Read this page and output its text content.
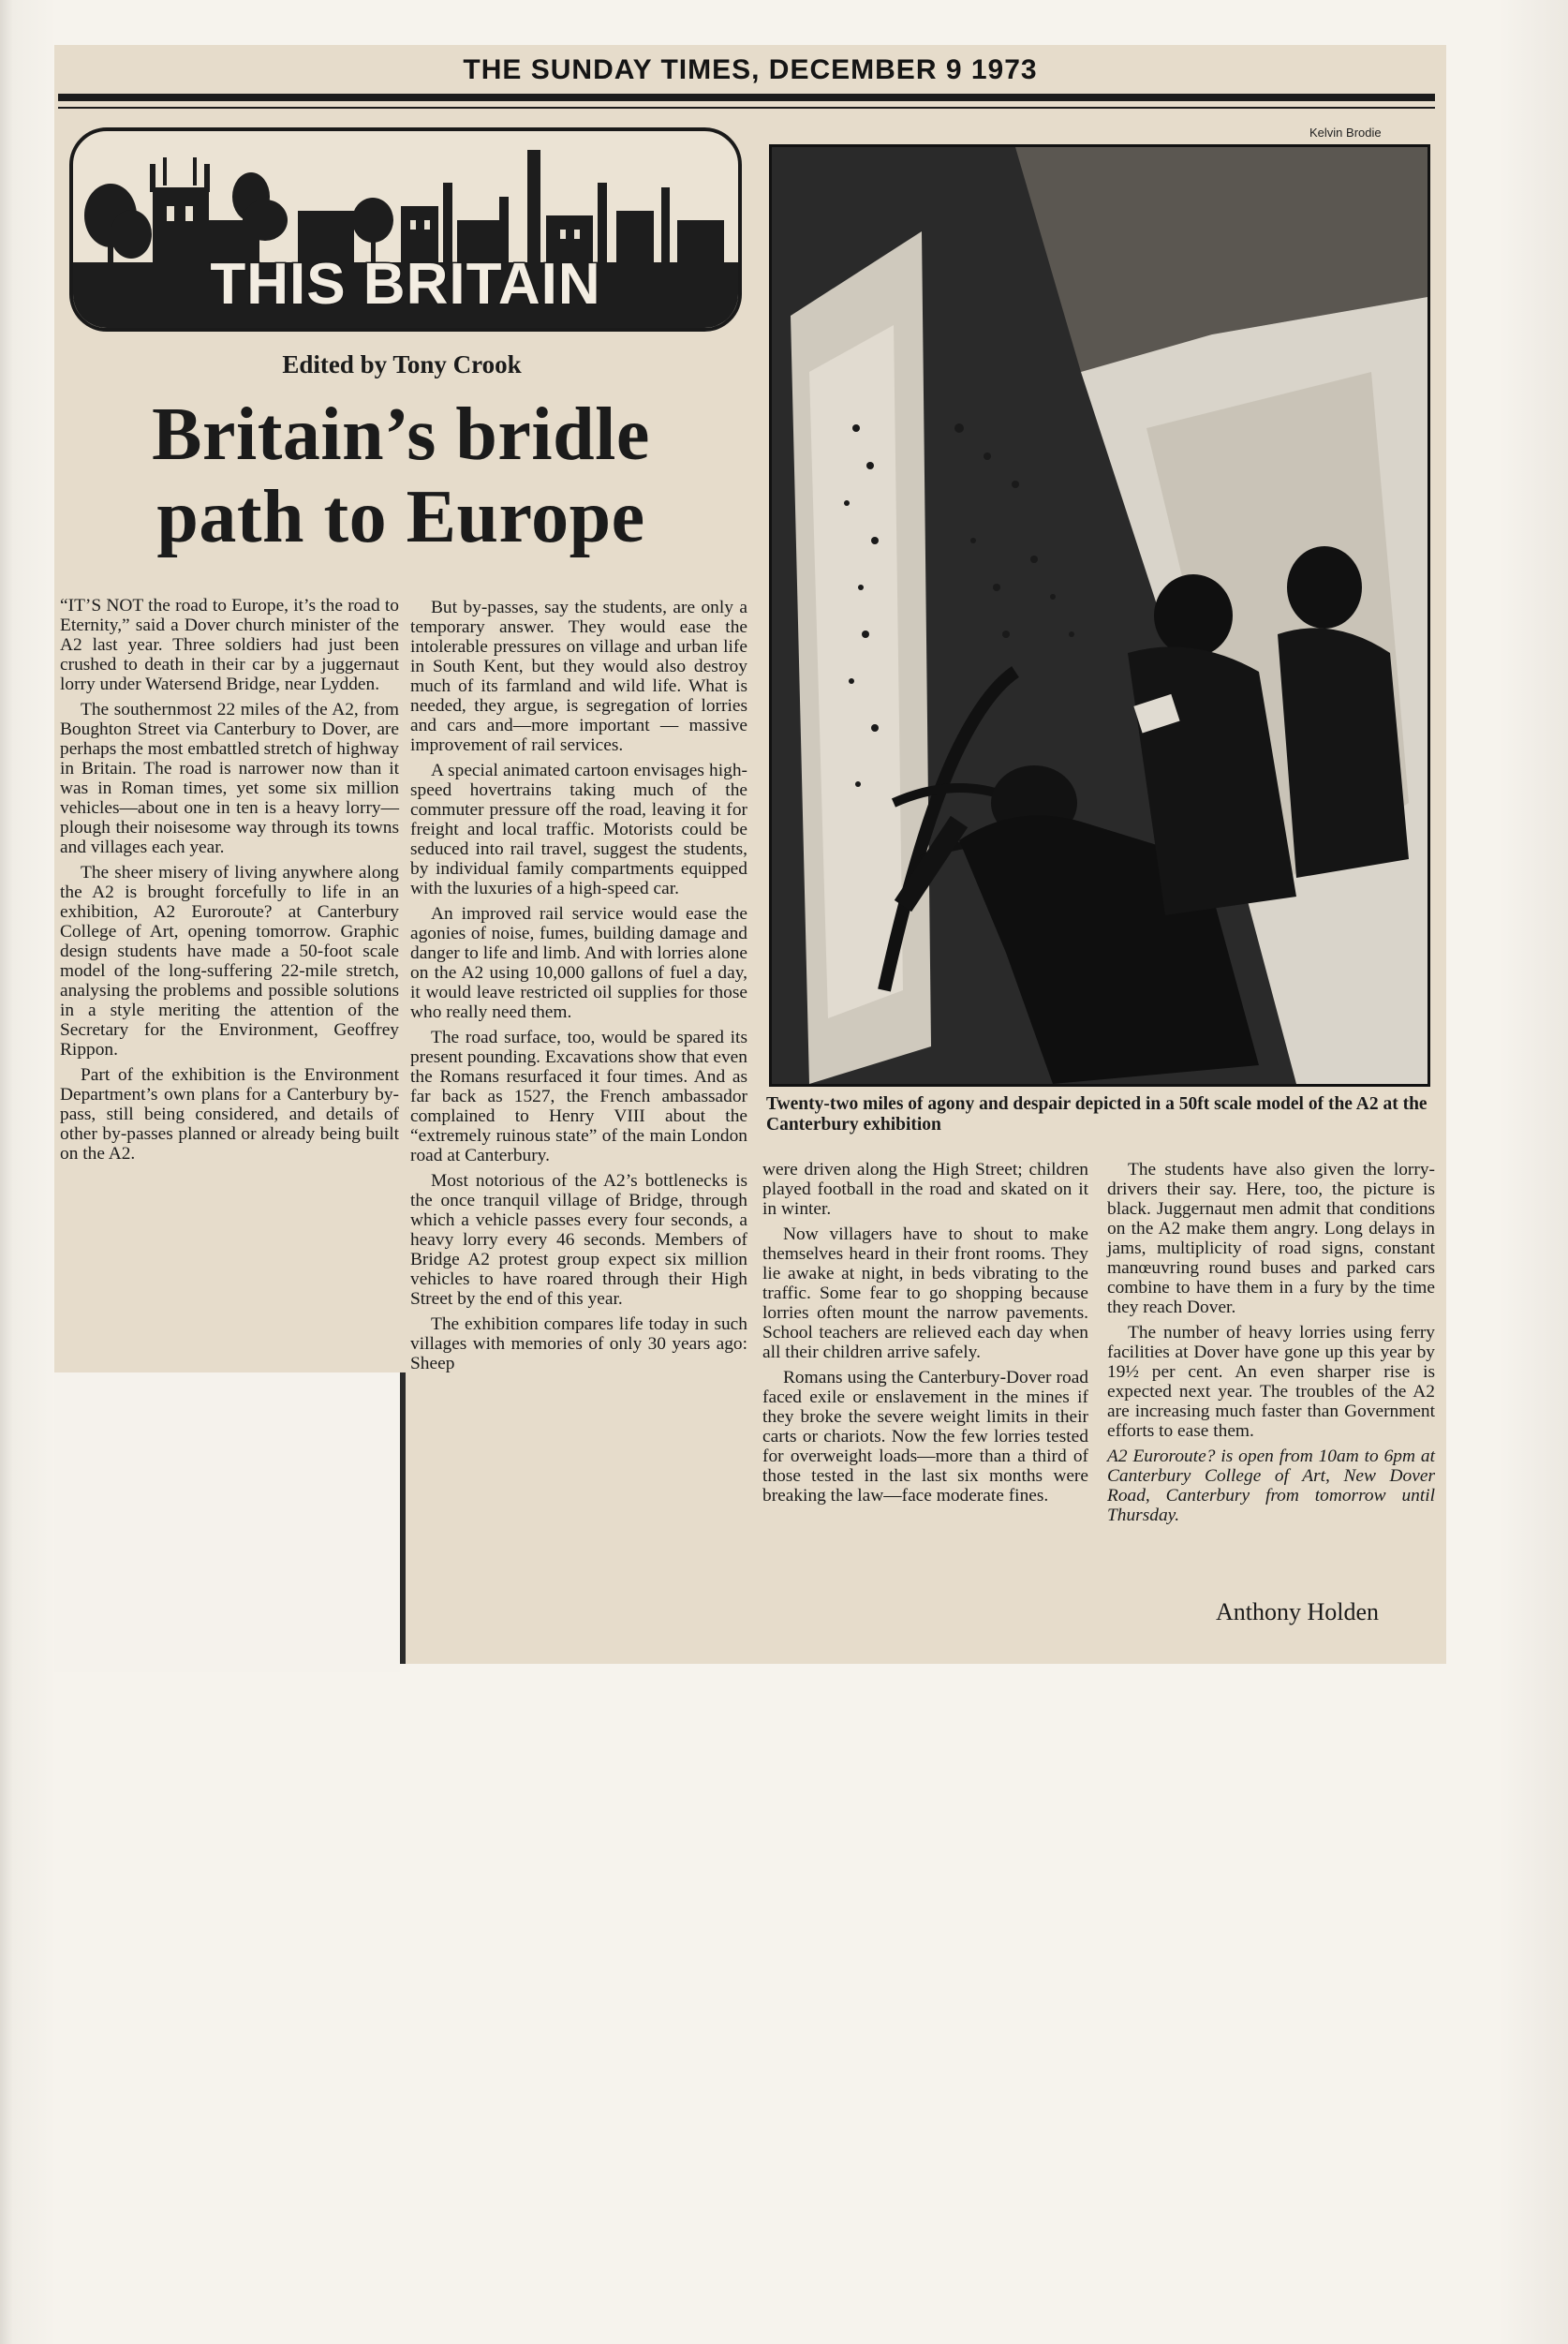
THE SUNDAY TIMES, DECEMBER 9 1973
THIS BRITAIN
Edited by Tony Crook
Britain’s bridle
path to Europe

“IT’S NOT the road to Europe, it’s the road to Eternity,” said a Dover church minister of the A2 last year. Three soldiers had just been crushed to death in their car by a juggernaut lorry under Watersend Bridge, near Lydden.

The southernmost 22 miles of the A2, from Boughton Street via Canterbury to Dover, are perhaps the most embattled stretch of highway in Britain. The road is narrower now than it was in Roman times, yet some six million vehicles—about one in ten is a heavy lorry—plough their noisesome way through its towns and villages each year.

The sheer misery of living anywhere along the A2 is brought forcefully to life in an exhibition, A2 Euroroute? at Canterbury College of Art, opening tomorrow. Graphic design students have made a 50-foot scale model of the long-suffering 22-mile stretch, analysing the problems and possible solutions in a style meriting the attention of the Secretary for the Environment, Geoffrey Rippon.

Part of the exhibition is the Environment Department’s own plans for a Canterbury by-pass, still being considered, and details of other by-passes planned or already being built on the A2.

But by-passes, say the students, are only a temporary answer. They would ease the intolerable pressures on village and urban life in South Kent, but they would also destroy much of its farmland and wild life. What is needed, they argue, is segregation of lorries and cars and—more important — massive improvement of rail services.

A special animated cartoon envisages high-speed hovertrains taking much of the commuter pressure off the road, leaving it for freight and local traffic. Motorists could be seduced into rail travel, suggest the students, by individual family compartments equipped with the luxuries of a high-speed car.

An improved rail service would ease the agonies of noise, fumes, building damage and danger to life and limb. And with lorries alone on the A2 using 10,000 gallons of fuel a day, it would leave restricted oil supplies for those who really need them.

The road surface, too, would be spared its present pounding. Excavations show that even the Romans resurfaced it four times. And as far back as 1527, the French ambassador complained to Henry VIII about the “extremely ruinous state” of the main London road at Canterbury.

Most notorious of the A2’s bottlenecks is the once tranquil village of Bridge, through which a vehicle passes every four seconds, a heavy lorry every 46 seconds. Members of Bridge A2 protest group expect six million vehicles to have roared through their High Street by the end of this year.

The exhibition compares life today in such villages with memories of only 30 years ago: Sheep

Kelvin Brodie
Twenty-two miles of agony and despair depicted in a 50ft scale model of the A2 at the Canterbury exhibition

were driven along the High Street; children played football in the road and skated on it in winter.

Now villagers have to shout to make themselves heard in their front rooms. They lie awake at night, in beds vibrating to the traffic. Some fear to go shopping because lorries often mount the narrow pavements. School teachers are relieved each day when all their children arrive safely.

Romans using the Canterbury-Dover road faced exile or enslavement in the mines if they broke the severe weight limits in their carts or chariots. Now the few lorries tested for overweight loads—more than a third of those tested in the last six months were breaking the law—face moderate fines.

The students have also given the lorry-drivers their say. Here, too, the picture is black. Juggernaut men admit that conditions on the A2 make them angry. Long delays in jams, multiplicity of road signs, constant manœuvring round buses and parked cars combine to have them in a fury by the time they reach Dover.

The number of heavy lorries using ferry facilities at Dover have gone up this year by 19½ per cent. An even sharper rise is expected next year. The troubles of the A2 are increasing much faster than Government efforts to ease them.

A2 Euroroute? is open from 10am to 6pm at Canterbury College of Art, New Dover Road, Canterbury from tomorrow until Thursday.

Anthony Holden
